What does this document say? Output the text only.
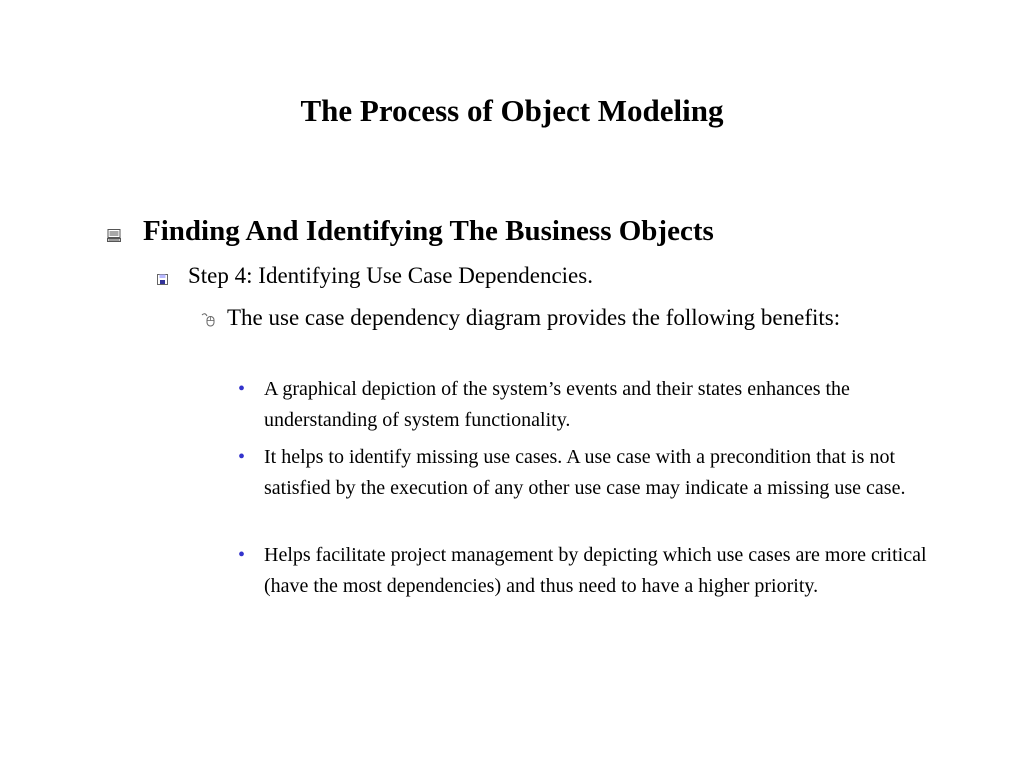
The Process of Object Modeling
Finding And Identifying The Business Objects
Step 4: Identifying Use Case Dependencies.
The use case dependency diagram provides the following benefits:
• A graphical depiction of the system’s events and their states enhances the understanding of system functionality.
• It helps to identify missing use cases. A use case with a precondition that is not satisfied by the execution of any other use case may indicate a missing use case.
• Helps facilitate project management by depicting which use cases are more critical (have the most dependencies) and thus need to have a higher priority.
